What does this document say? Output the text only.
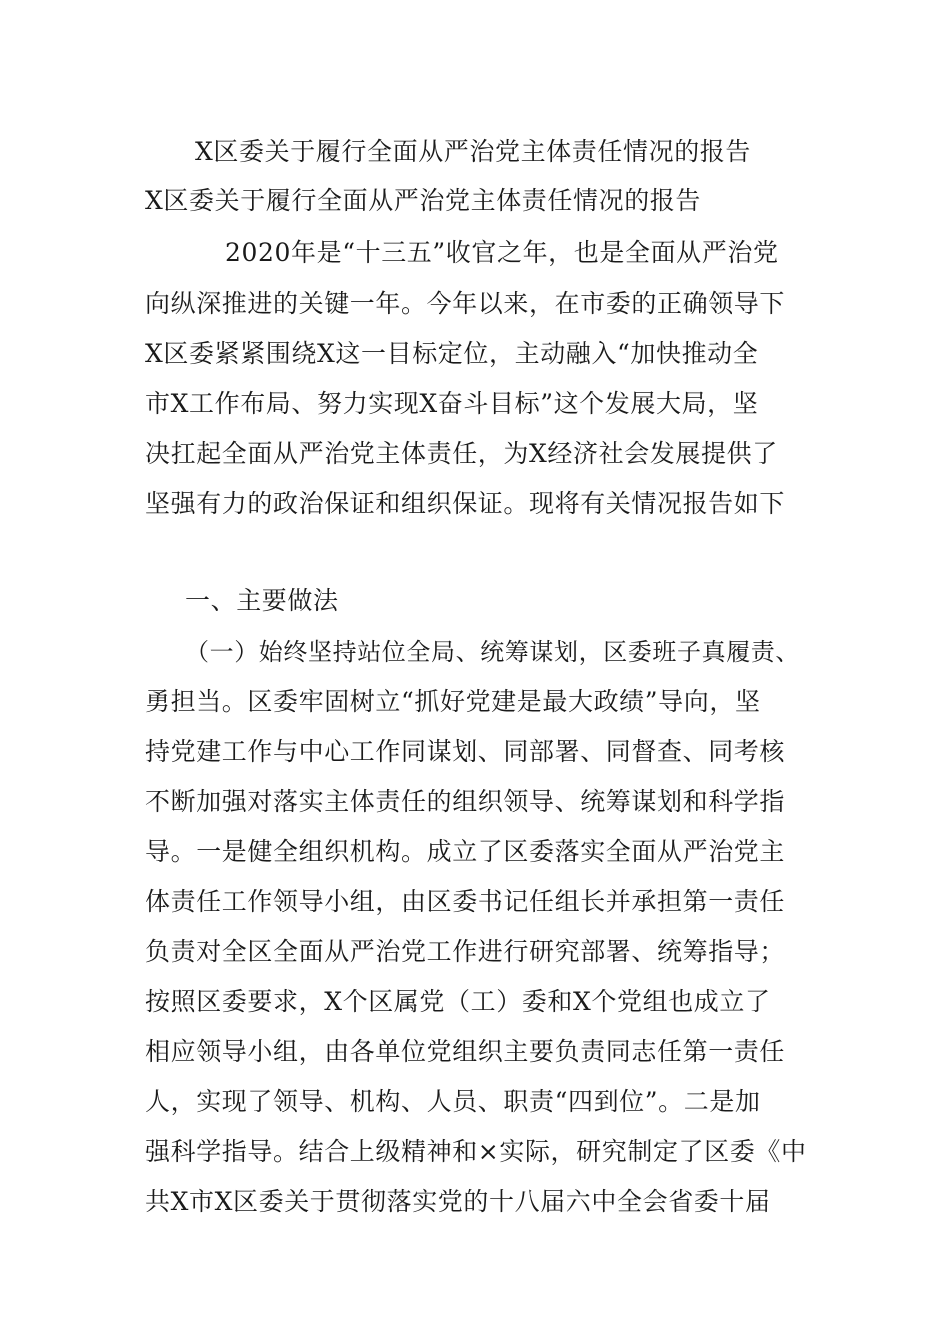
X区委关于履行全面从严治党主体责任情况的报告
X区委关于履行全面从严治党主体责任情况的报告
2020年是“十三五”收官之年，也是全面从严治党
向纵深推进的关键一年。今年以来，在市委的正确领导下
X区委紧紧围绕X这一目标定位，主动融入“加快推动全
市X工作布局、努力实现X奋斗目标”这个发展大局，坚
决扛起全面从严治党主体责任，为X经济社会发展提供了
坚强有力的政治保证和组织保证。现将有关情况报告如下
一、主要做法
（一）始终坚持站位全局、统筹谋划，区委班子真履责、
勇担当。区委牢固树立“抓好党建是最大政绩”导向，坚
持党建工作与中心工作同谋划、同部署、同督查、同考核
不断加强对落实主体责任的组织领导、统筹谋划和科学指
导。一是健全组织机构。成立了区委落实全面从严治党主
体责任工作领导小组，由区委书记任组长并承担第一责任
负责对全区全面从严治党工作进行研究部署、统筹指导；
按照区委要求，X个区属党（工）委和X个党组也成立了
相应领导小组，由各单位党组织主要负责同志任第一责任
人，实现了领导、机构、人员、职责“四到位”。二是加
强科学指导。结合上级精神和×实际，研究制定了区委《中
共X市X区委关于贯彻落实党的十八届六中全会省委十届
